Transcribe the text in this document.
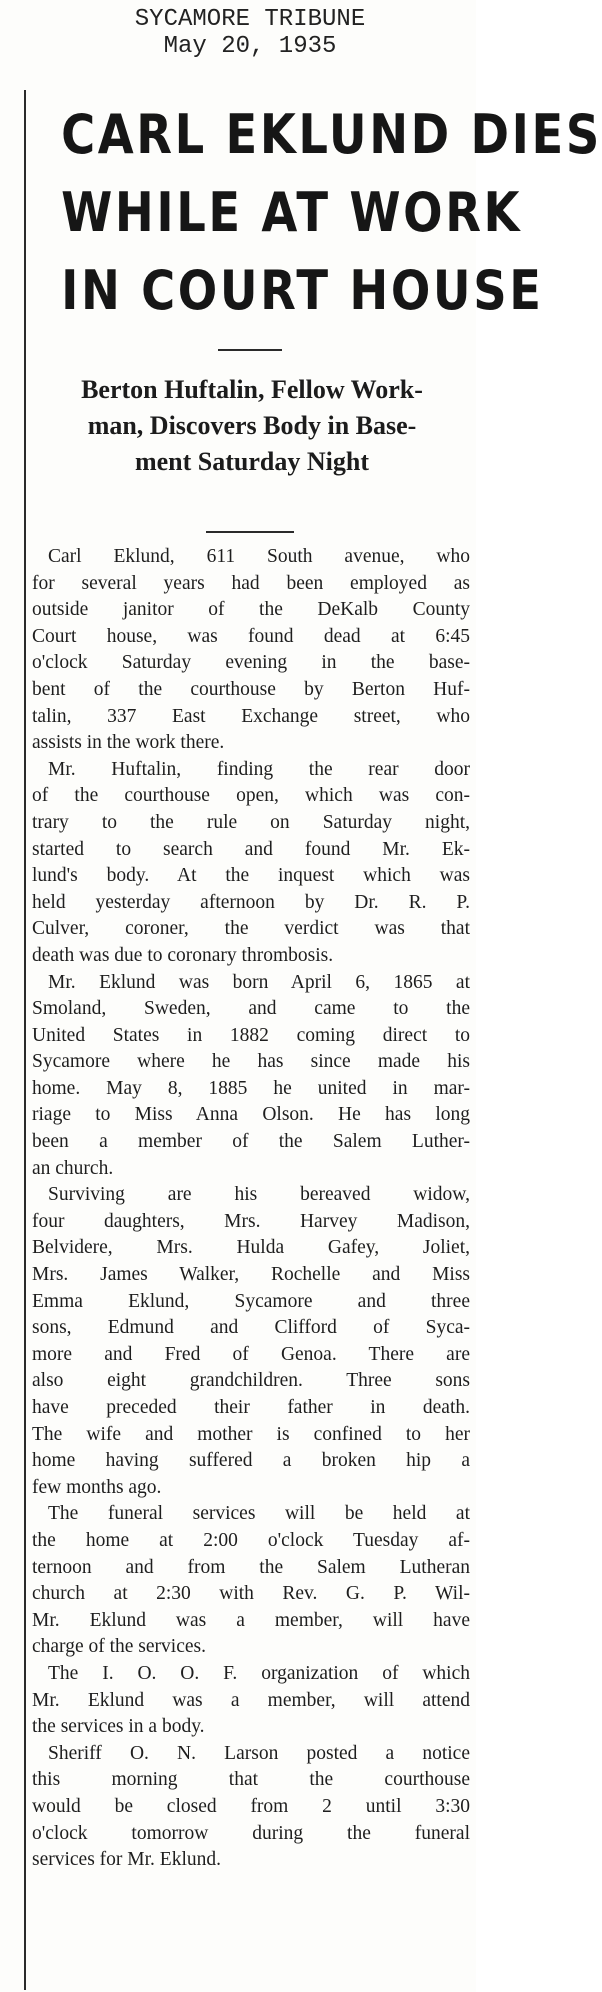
SYCAMORE TRIBUNE
May 20, 1935
CARL EKLUND DIES
WHILE AT WORK
IN COURT HOUSE
Berton Huftalin, Fellow Work-
man, Discovers Body in Base-
ment Saturday Night
Carl Eklund, 611 South avenue, who
for several years had been employed as
outside janitor of the DeKalb County
Court house, was found dead at 6:45
o'clock Saturday evening in the base-
bent of the courthouse by Berton Huf-
talin, 337 East Exchange street, who
assists in the work there.
Mr. Huftalin, finding the rear door
of the courthouse open, which was con-
trary to the rule on Saturday night,
started to search and found Mr. Ek-
lund's body. At the inquest which was
held yesterday afternoon by Dr. R. P.
Culver, coroner, the verdict was that
death was due to coronary thrombosis.
Mr. Eklund was born April 6, 1865 at
Smoland, Sweden, and came to the
United States in 1882 coming direct to
Sycamore where he has since made his
home. May 8, 1885 he united in mar-
riage to Miss Anna Olson. He has long
been a member of the Salem Luther-
an church.
Surviving are his bereaved widow,
four daughters, Mrs. Harvey Madison,
Belvidere, Mrs. Hulda Gafey, Joliet,
Mrs. James Walker, Rochelle and Miss
Emma Eklund, Sycamore and three
sons, Edmund and Clifford of Syca-
more and Fred of Genoa. There are
also eight grandchildren. Three sons
have preceded their father in death.
The wife and mother is confined to her
home having suffered a broken hip a
few months ago.
The funeral services will be held at
the home at 2:00 o'clock Tuesday af-
ternoon and from the Salem Lutheran
church at 2:30 with Rev. G. P. Wil-
Mr. Eklund was a member, will have
charge of the services.
The I. O. O. F. organization of which
Mr. Eklund was a member, will attend
the services in a body.
Sheriff O. N. Larson posted a notice
this morning that the courthouse
would be closed from 2 until 3:30
o'clock tomorrow during the funeral
services for Mr. Eklund.
